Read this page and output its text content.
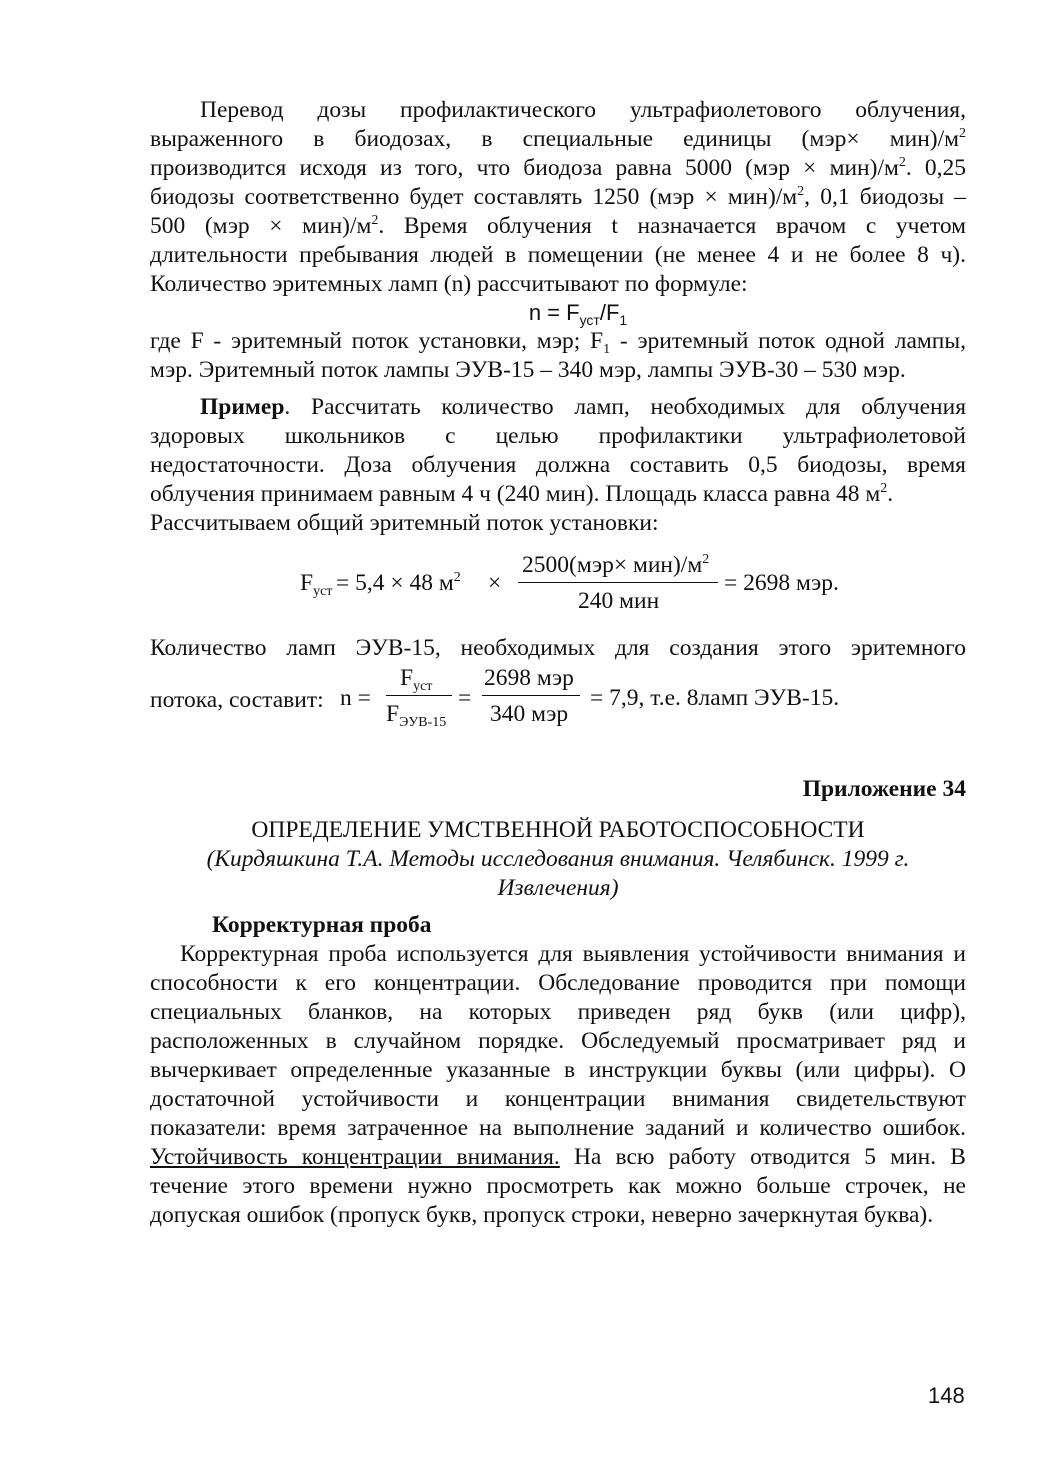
Перевод дозы профилактического ультрафиолетового облучения,

выраженного в биодозах, в специальные единицы $(мэр\times мин)/м^2$

производится исходя из того, что биодоза равна 5000 $(мэр \times мин)/м^2$. 0,25

биодозы соответственно будет составлять 1250 $(мэр \times мин)/м^2$, 0,1 биодозы –

500 $(мэр \times мин)/м^2$. Время облучения t назначается врачом с учетом

длительности пребывания людей в помещении (не менее 4 и не более 8 ч).

Количество эритемных ламп (n) рассчитывают по формуле:

$n = F_{уст}/F_1$

где F - эритемный поток установки, мэр; $F_1$ - эритемный поток одной лампы,

мэр. Эритемный поток лампы ЭУВ-15 – 340 мэр, лампы ЭУВ-30 – 530 мэр.

Пример. Рассчитать количество ламп, необходимых для облучения здоровых школьников с целью профилактики ультрафиолетовой недостаточности. Доза облучения должна составить 0,5 биодозы, время облучения принимаем равным 4 ч (240 мин). Площадь класса равна 48 $м^2$.

Рассчитываем общий эритемный поток установки:

$F_{уст} = 5,4 \times 48$ $м^2$ ×
$2500(мэр\times мин)/м^2$
240 мин
= 2698 мэр.

Количество ламп ЭУВ-15, необходимых для создания этого эритемного

потока, составит: n =
$F_{уст}$
$F_{ЭУВ-15}$
=
2698 мэр
340 мэр
= 7,9, т.е. 8ламп ЭУВ-15.

Приложение 34

ОПРЕДЕЛЕНИЕ УМСТВЕННОЙ РАБОТОСПОСОБНОСТИ

(Кирдяшкина Т.А. Методы исследования внимания. Челябинск. 1999 г.

Извлечения)

Корректурная проба

Корректурная проба используется для выявления устойчивости внимания и способности к его концентрации. Обследование проводится при помощи специальных бланков, на которых приведен ряд букв (или цифр), расположенных в случайном порядке. Обследуемый просматривает ряд и вычеркивает определенные указанные в инструкции буквы (или цифры). О достаточной устойчивости и концентрации внимания свидетельствуют показатели: время затраченное на выполнение заданий и количество ошибок. Устойчивость концентрации внимания. На всю работу отводится 5 мин. В течение этого времени нужно просмотреть как можно больше строчек, не допуская ошибок (пропуск букв, пропуск строки, неверно зачеркнутая буква).

148
